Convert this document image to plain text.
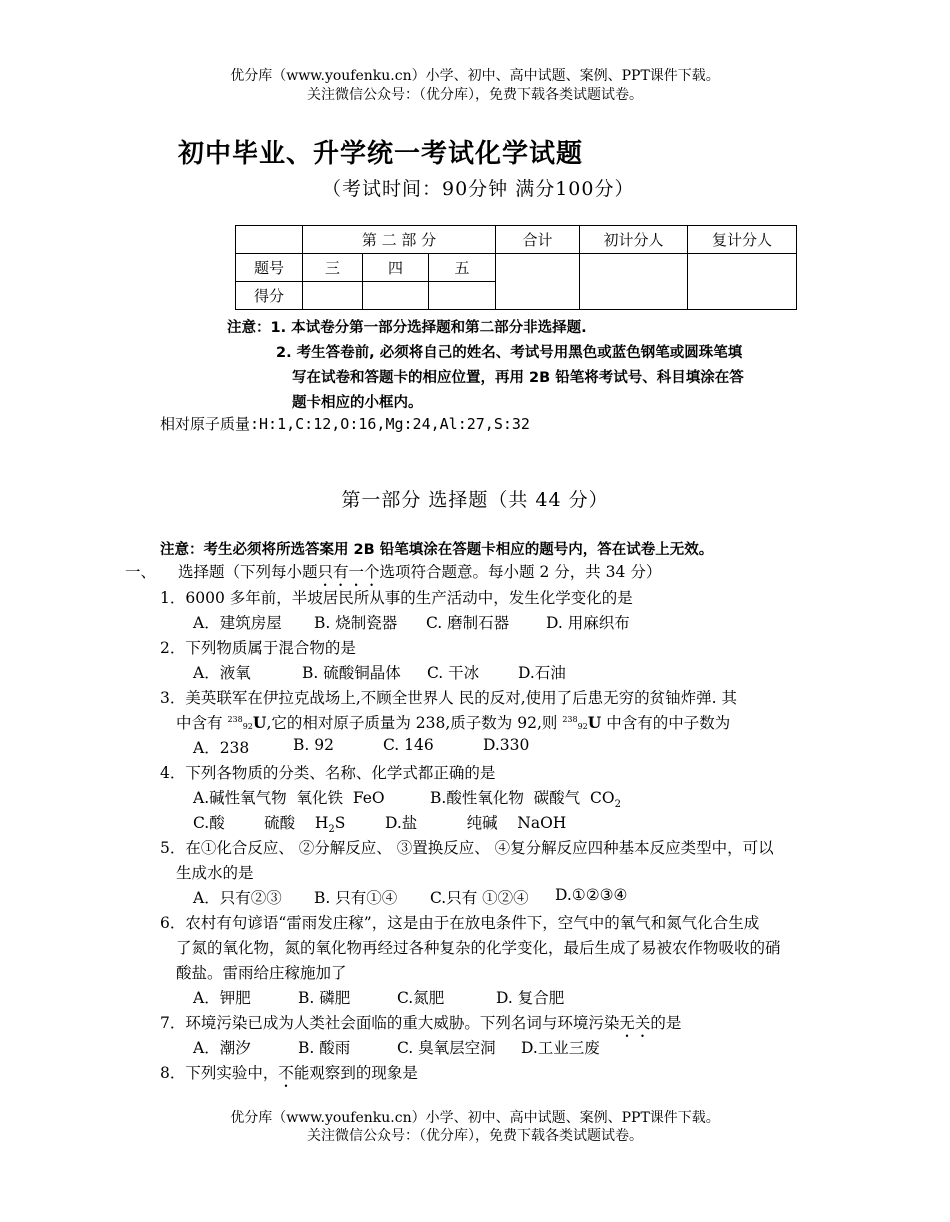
优分库（www.youfenku.cn）小学、初中、高中试题、案例、PPT课件下载。
关注微信公众号：（优分库），免费下载各类试题试卷。
初中毕业、升学统一考试化学试题
（考试时间：90分钟 满分100分）
	第 二 部 分			合计	初计分人	复计分人
题号	三	四	五			
得分						
注意：1. 本试卷分第一部分选择题和第二部分非选择题.
2. 考生答卷前, 必须将自己的姓名、考试号用黑色或蓝色钢笔或圆珠笔填
写在试卷和答题卡的相应位置，再用 2B 铅笔将考试号、科目填涂在答
题卡相应的小框内。
相对原子质量:H:1,C:12,O:16,Mg:24,Al:27,S:32
第一部分 选择题（共 44 分）
注意：考生必须将所选答案用 2B 铅笔填涂在答题卡相应的题号内，答在试卷上无效。
一、 选择题（下列每小题只有一个选项符合题意。每小题 2 分，共 34 分）
1．6000 多年前，半坡居民所从事的生产活动中，发生化学变化的是
A．建筑房屋 B. 烧制瓷器 C. 磨制石器 D. 用麻织布
2．下列物质属于混合物的是
A．液氧	B. 硫酸铜晶体 C. 干冰	D.石油
3．美英联军在伊拉克战场上,不顾全世界人 民的反对,使用了后患无穷的贫铀炸弹. 其
中含有 $^{238}_{92}$U,它的相对原子质量为 238,质子数为 92,则 $^{238}_{92}$U 中含有的中子数为
A．238	B. 92	C. 146	D.330
4．下列各物质的分类、名称、化学式都正确的是
A.碱性氧气物  氧化铁  FeO	B.酸性氧化物  碳酸气  $CO_2$
C.酸        硫酸    $H_2S$	D.盐          纯碱    NaOH
5．在①化合反应、 ②分解反应、 ③置换反应、 ④复分解反应四种基本反应类型中，可以
生成水的是
A．只有②③ B. 只有①④ C.只有 ①②④ D.①②③④
6．农村有句谚语“雷雨发庄稼”，这是由于在放电条件下，空气中的氧气和氮气化合生成
了氮的氧化物，氮的氧化物再经过各种复杂的化学变化，最后生成了易被农作物吸收的硝
酸盐。雷雨给庄稼施加了
A．钾肥	B. 磷肥	C.氮肥	D. 复合肥
7．环境污染已成为人类社会面临的重大威胁。下列名词与环境污染无关的是
A．潮汐	B. 酸雨	C. 臭氧层空洞 D.工业三废
8．下列实验中，不能观察到的现象是
优分库（www.youfenku.cn）小学、初中、高中试题、案例、PPT课件下载。
关注微信公众号：（优分库），免费下载各类试题试卷。
